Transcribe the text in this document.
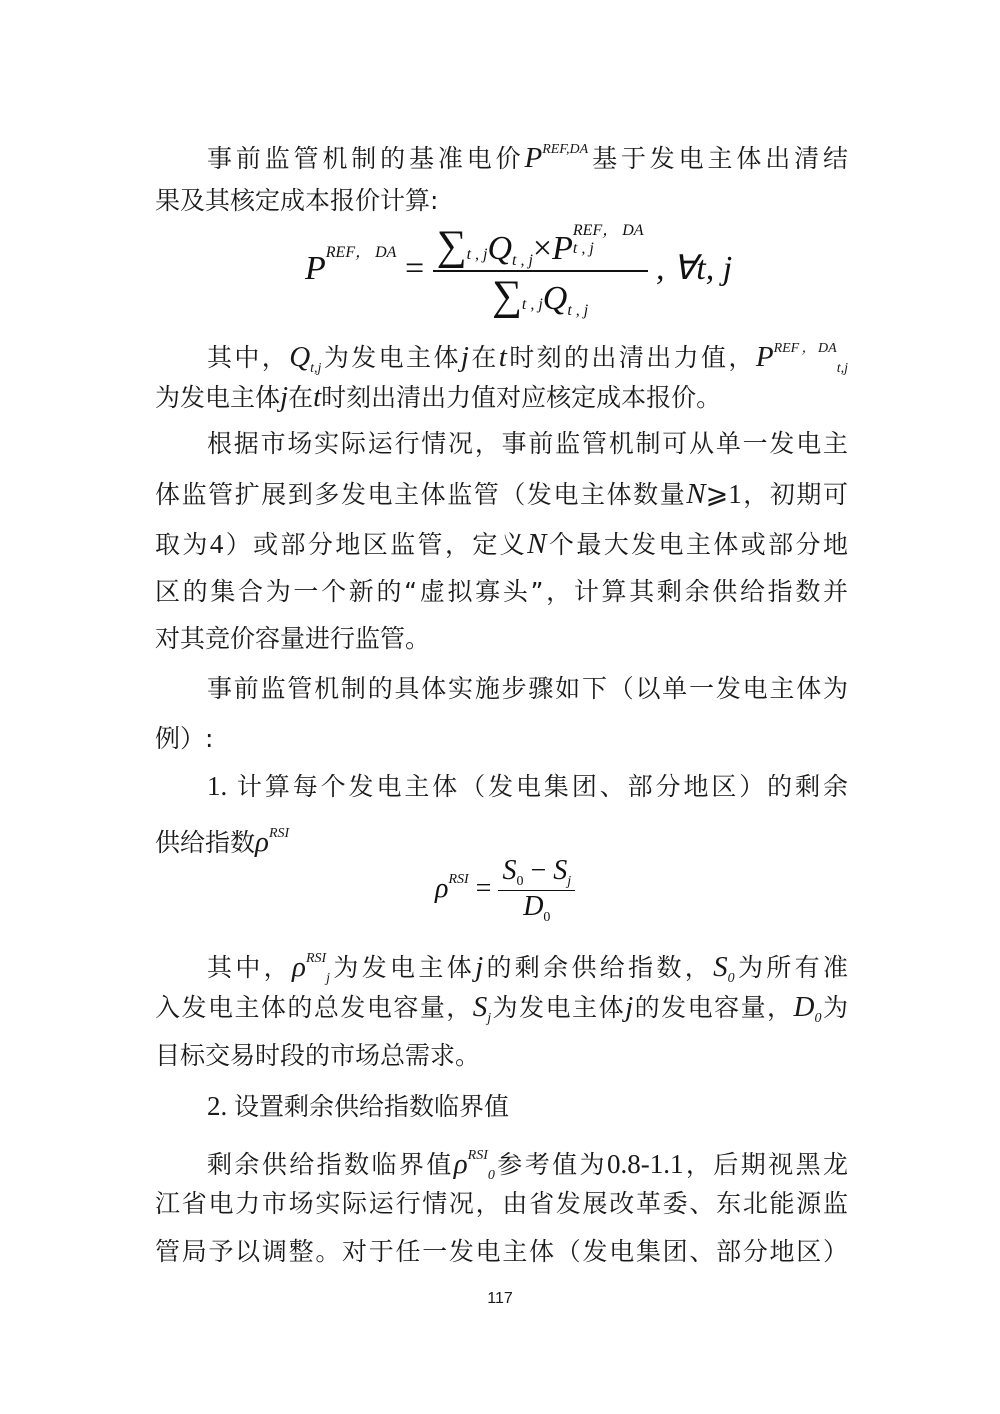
事前监管机制的基准电价$P^{REF,DA}$基于发电主体出清结
果及其核定成本报价计算:
其中，$Q_{t,j}$为发电主体j在t时刻的出清出力值，$P^{REF,DA}_{t,j}$
为发电主体j在t时刻出清出力值对应核定成本报价。
根据市场实际运行情况，事前监管机制可从单一发电主
体监管扩展到多发电主体监管（发电主体数量N⩾1，初期可
取为4）或部分地区监管，定义N个最大发电主体或部分地
区的集合为一个新的“虚拟寡头”，计算其剩余供给指数并
对其竞价容量进行监管。
事前监管机制的具体实施步骤如下（以单一发电主体为
例）:
1. 计算每个发电主体（发电集团、部分地区）的剩余
供给指数$\rho^{RSI}$
其中，$\rho^{RSI}_j$为发电主体j的剩余供给指数，$S_0$为所有准
入发电主体的总发电容量，$S_j$为发电主体j的发电容量，$D_0$为
目标交易时段的市场总需求。
2. 设置剩余供给指数临界值
剩余供给指数临界值$\rho^{RSI}_0$参考值为0.8-1.1，后期视黑龙
江省电力市场实际运行情况，由省发展改革委、东北能源监
管局予以调整。对于任一发电主体（发电集团、部分地区）
$P^{REF, DA} = \sum t$ , jQt , j×P REF， DA
t , j
∑t , jQt , j , ∀t, j
$\rho^{RSI} = \frac{S_0 - S_j}{D_0}$
117
